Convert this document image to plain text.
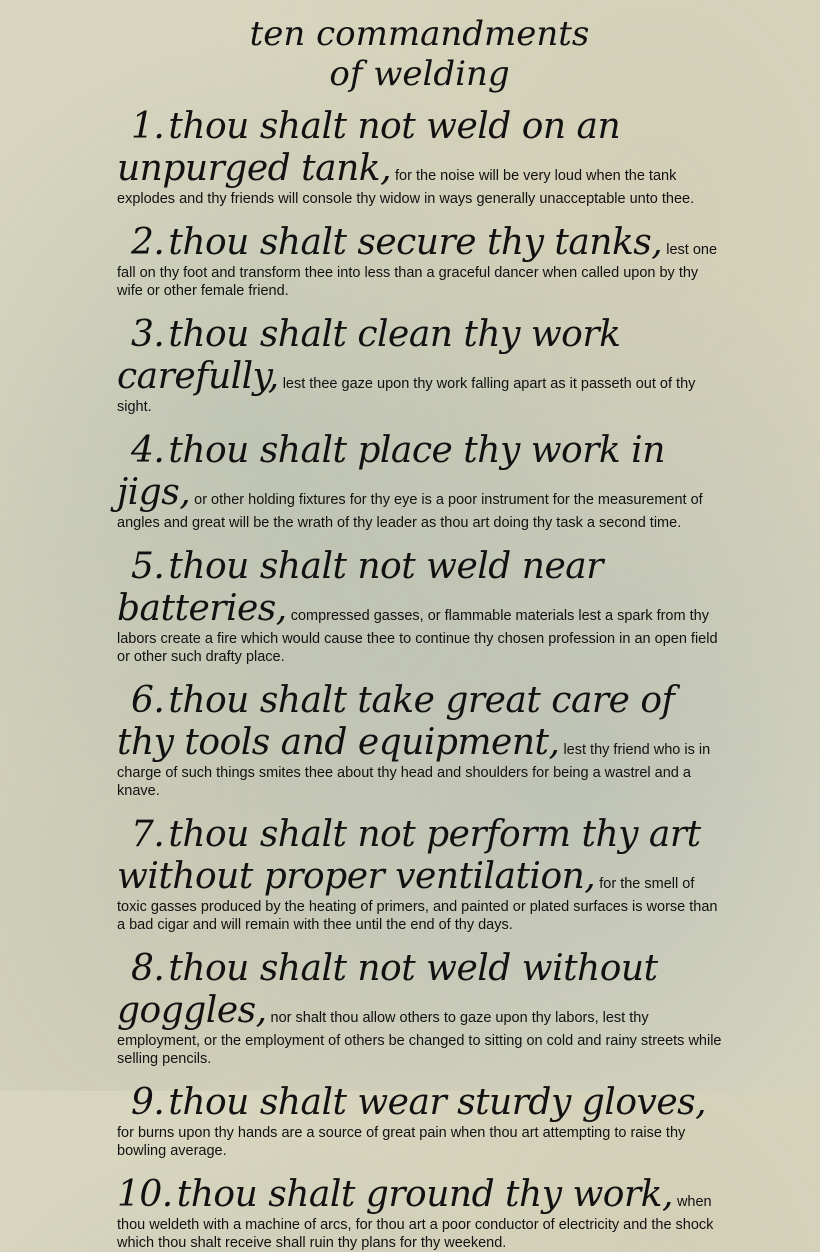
ten commandments
of welding
1. thou shalt not weld on an unpurged tank, for the noise will be very loud when the tank explodes and thy friends will console thy widow in ways generally unacceptable unto thee.
2. thou shalt secure thy tanks, lest one fall on thy foot and transform thee into less than a graceful dancer when called upon by thy wife or other female friend.
3. thou shalt clean thy work carefully, lest thee gaze upon thy work falling apart as it passeth out of thy sight.
4. thou shalt place thy work in jigs, or other holding fixtures for thy eye is a poor instrument for the measurement of angles and great will be the wrath of thy leader as thou art doing thy task a second time.
5. thou shalt not weld near batteries, compressed gasses, or flammable materials lest a spark from thy labors create a fire which would cause thee to continue thy chosen profession in an open field or other such drafty place.
6. thou shalt take great care of thy tools and equipment, lest thy friend who is in charge of such things smites thee about thy head and shoulders for being a wastrel and a knave.
7. thou shalt not perform thy art without proper ventilation, for the smell of toxic gasses produced by the heating of primers, and painted or plated surfaces is worse than a bad cigar and will remain with thee until the end of thy days.
8. thou shalt not weld without goggles, nor shalt thou allow others to gaze upon thy labors, lest thy employment, or the employment of others be changed to sitting on cold and rainy streets while selling pencils.
9. thou shalt wear sturdy gloves, for burns upon thy hands are a source of great pain when thou art attempting to raise thy bowling average.
10. thou shalt ground thy work, when thou weldeth with a machine of arcs, for thou art a poor conductor of electricity and the shock which thou shalt receive shall ruin thy plans for thy weekend.
